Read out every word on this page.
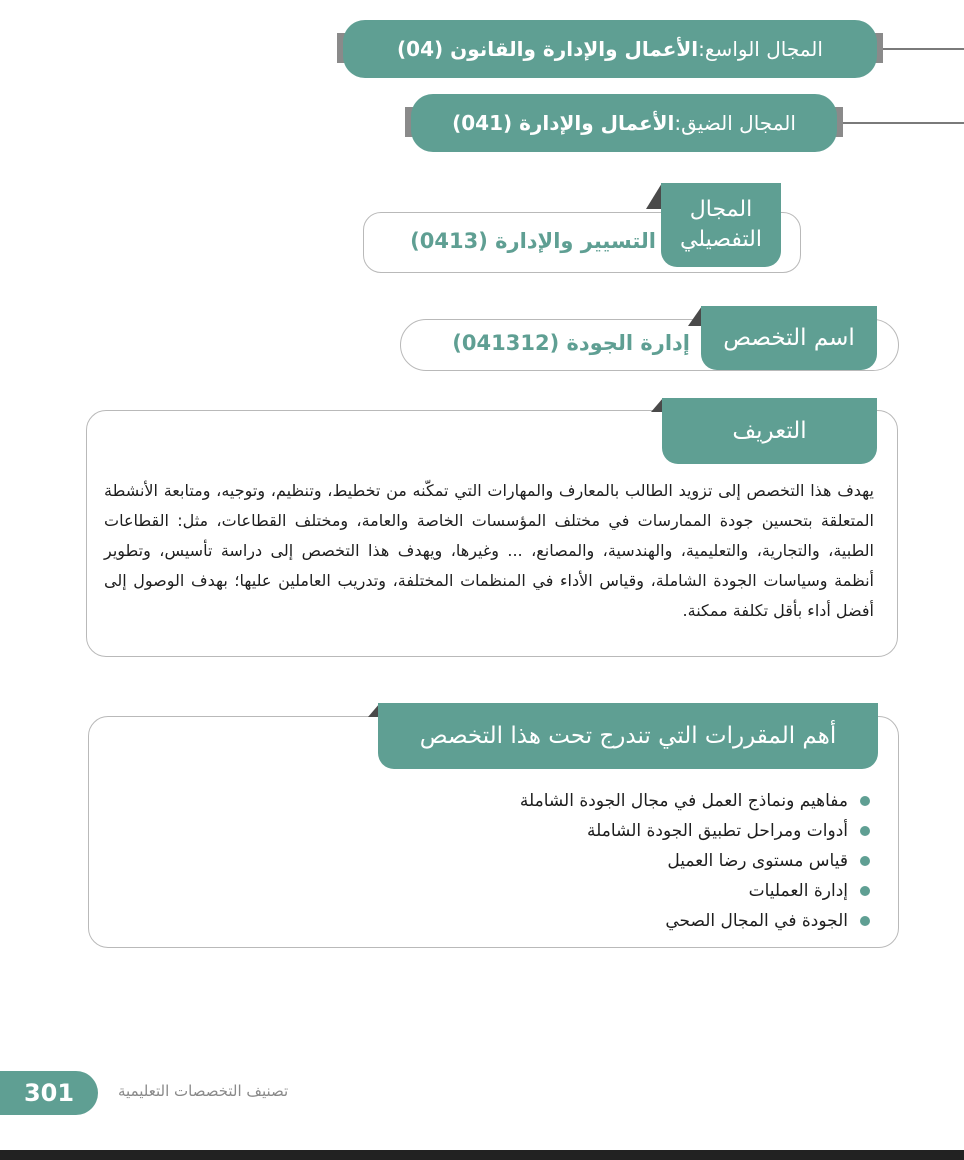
المجال الواسع:
الأعمال والإدارة والقانون (04)
المجال الضيق:
الأعمال والإدارة (041)
المجال
التفصيلي
التسيير والإدارة (0413)
اسم التخصص
إدارة الجودة (041312)
التعريف

يهدف هذا التخصص إلى تزويد الطالب بالمعارف والمهارات التي تمكّنه من تخطيط، وتنظيم، وتوجيه، ومتابعة الأنشطة المتعلقة بتحسين جودة الممارسات في مختلف المؤسسات الخاصة والعامة، ومختلف القطاعات، مثل: القطاعات الطبية، والتجارية، والتعليمية، والهندسية، والمصانع، ... وغيرها، ويهدف هذا التخصص إلى دراسة تأسيس، وتطوير أنظمة وسياسات الجودة الشاملة، وقياس الأداء في المنظمات المختلفة، وتدريب العاملين عليها؛ بهدف الوصول إلى أفضل أداء بأقل تكلفة ممكنة.

أهم المقررات التي تندرج تحت هذا التخصص
مفاهيم ونماذج العمل في مجال الجودة الشاملة
أدوات ومراحل تطبيق الجودة الشاملة
قياس مستوى رضا العميل
إدارة العمليات
الجودة في المجال الصحي
301	تصنيف التخصصات التعليمية
